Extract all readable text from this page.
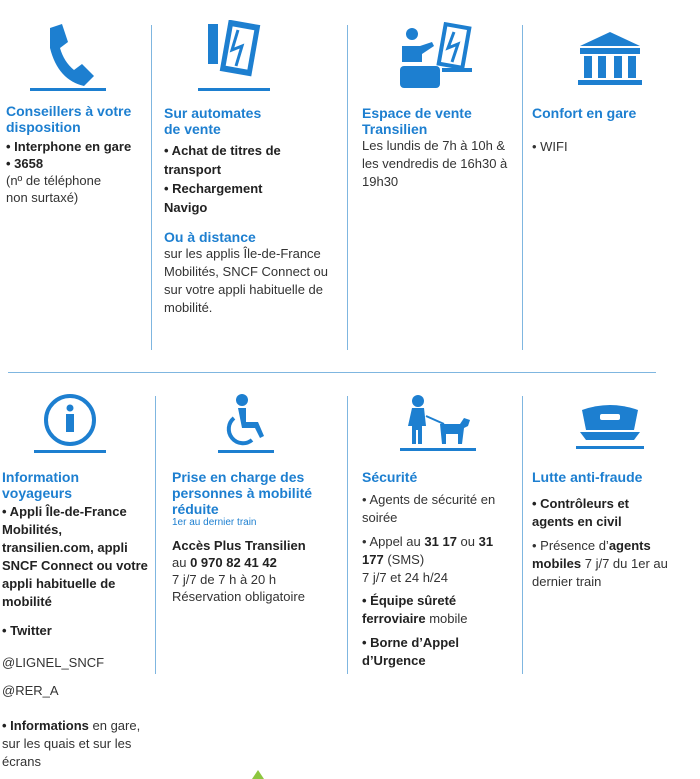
Conseillers à votre disposition

• Interphone en gare

• 3658

(nº de téléphone non surtaxé)

Sur automates de vente

• Achat de titres de transport

• Rechargement Navigo

Ou à distance

sur les applis Île-de-France Mobilités, SNCF Connect ou sur votre appli habituelle de mobilité.

Espace de vente Transilien

Les lundis de 7h à 10h & les vendredis de 16h30 à 19h30

Confort en gare

• WIFI

Information voyageurs

• Appli Île-de-France Mobilités, transilien.com, appli SNCF Connect ou votre appli habituelle de mobilité

• Twitter

@LIGNEL_SNCF

@RER_A

• Informations en gare, sur les quais et sur les écrans

Prise en charge des personnes à mobilité réduite
1er au dernier train

Accès Plus Transilien

au 0 970 82 41 42

7 j/7 de 7 h à 20 h

Réservation obligatoire

Sécurité

• Agents de sécurité en soirée

• Appel au 31 17 ou 31 177 (SMS)

7 j/7 et 24 h/24

• Équipe sûreté ferroviaire mobile

• Borne d’Appel d’Urgence

Lutte anti-fraude

• Contrôleurs et agents en civil

• Présence d’agents mobiles 7 j/7 du 1er au dernier train
